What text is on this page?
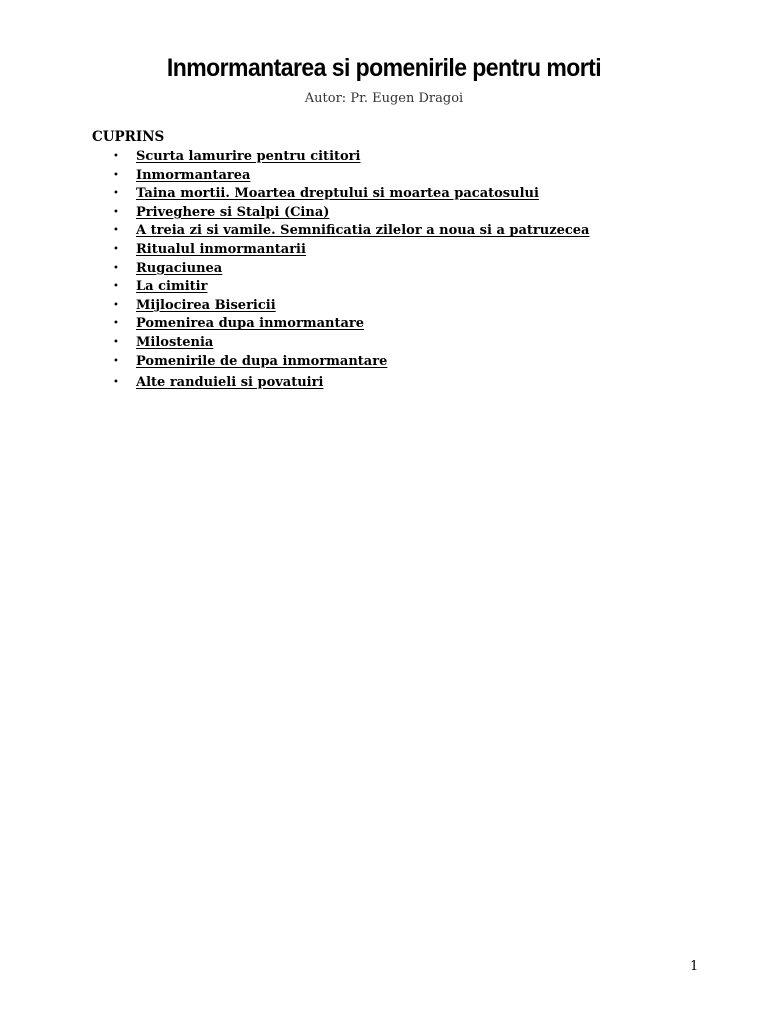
Inmormantarea si pomenirile pentru morti
Autor: Pr. Eugen Dragoi
CUPRINS
• Scurta lamurire pentru cititori
• Inmormantarea
• Taina mortii. Moartea dreptului si moartea pacatosului
• Priveghere si Stalpi (Cina)
• A treia zi si vamile. Semnificatia zilelor a noua si a patruzecea
• Ritualul inmormantarii
• Rugaciunea
• La cimitir
• Mijlocirea Bisericii
• Pomenirea dupa inmormantare
• Milostenia
• Pomenirile de dupa inmormantare
• Alte randuieli si povatuiri
1
